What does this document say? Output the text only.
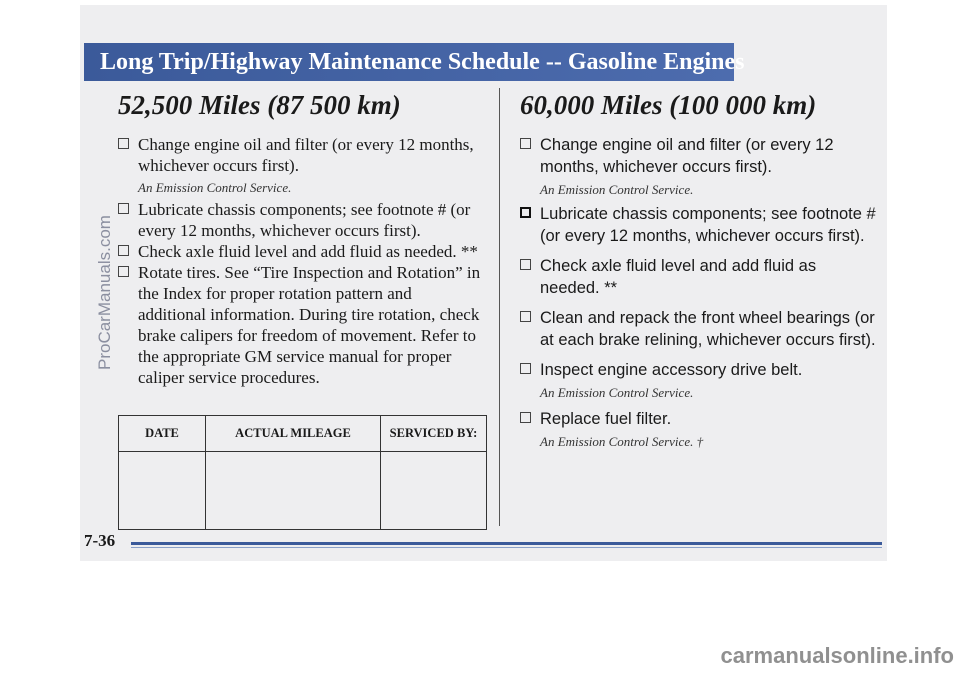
Long Trip/Highway Maintenance Schedule -- Gasoline Engines
52,500 Miles (87 500 km)
Change engine oil and filter (or every 12 months, whichever occurs first).
An Emission Control Service.
Lubricate chassis components; see footnote # (or every 12 months, whichever occurs first).
Check axle fluid level and add fluid as needed. **
Rotate tires. See “Tire Inspection and Rotation” in the Index for proper rotation pattern and additional information. During tire rotation, check brake calipers for freedom of movement. Refer to the appropriate GM service manual for proper caliper service procedures.
DATE	ACTUAL MILEAGE	SERVICED BY:

60,000 Miles (100 000 km)
Change engine oil and filter (or every 12 months, whichever occurs first).
An Emission Control Service.
Lubricate chassis components; see footnote # (or every 12 months, whichever occurs first).
Check axle fluid level and add fluid as needed. **
Clean and repack the front wheel bearings (or at each brake relining, whichever occurs first).
Inspect engine accessory drive belt.
An Emission Control Service.
Replace fuel filter.
An Emission Control Service. †
7-36
ProCarManuals.com
carmanualsonline.info
